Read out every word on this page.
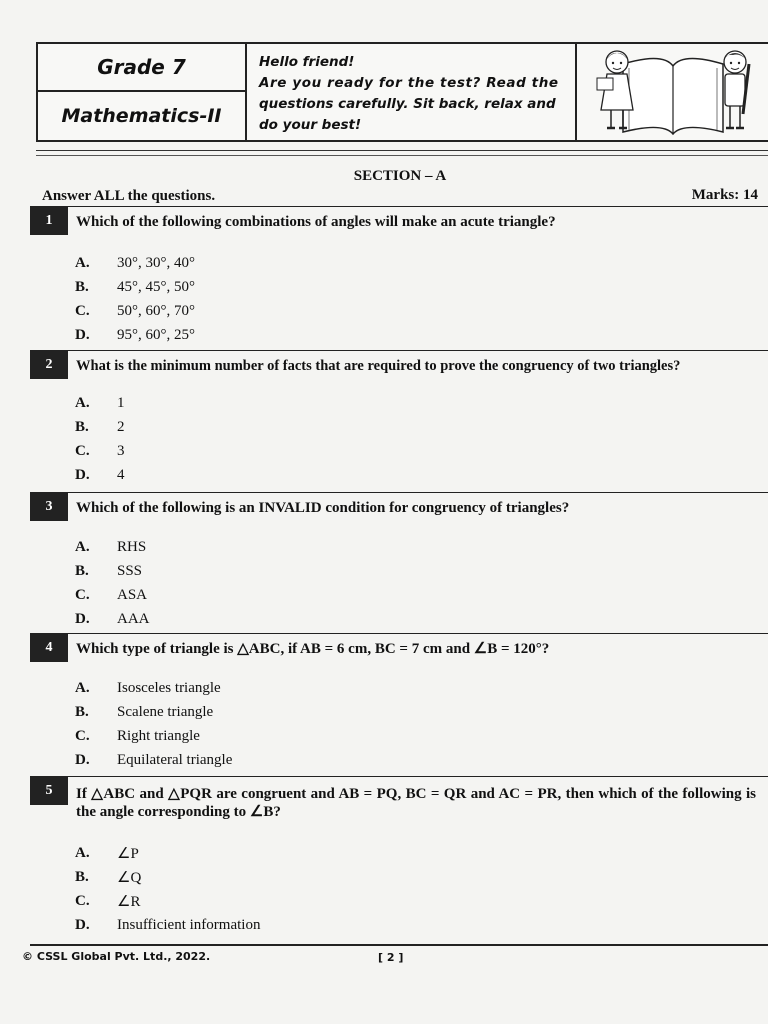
Grade 7
Mathematics-II
Hello friend!
Are you ready for the test? Read the
questions carefully. Sit back, relax and
do your best!
SECTION – A
Answer ALL the questions.	Marks: 14
1	Which of the following combinations of angles will make an acute triangle?
A.	30°, 30°, 40°
B.	45°, 45°, 50°
C.	50°, 60°, 70°
D.	95°, 60°, 25°
2	What is the minimum number of facts that are required to prove the congruency of two triangles?
A.	1
B.	2
C.	3
D.	4
3	Which of the following is an INVALID condition for congruency of triangles?
A.	RHS
B.	SSS
C.	ASA
D.	AAA
4	Which type of triangle is △ABC, if AB = 6 cm, BC = 7 cm and ∠B = 120°?
A.	Isosceles triangle
B.	Scalene triangle
C.	Right triangle
D.	Equilateral triangle
5	If △ABC and △PQR are congruent and AB = PQ, BC = QR and AC = PR, then which of the following is the angle corresponding to ∠B?
A.	∠P
B.	∠Q
C.	∠R
D.	Insufficient information
© CSSL Global Pvt. Ltd., 2022.	[ 2 ]
